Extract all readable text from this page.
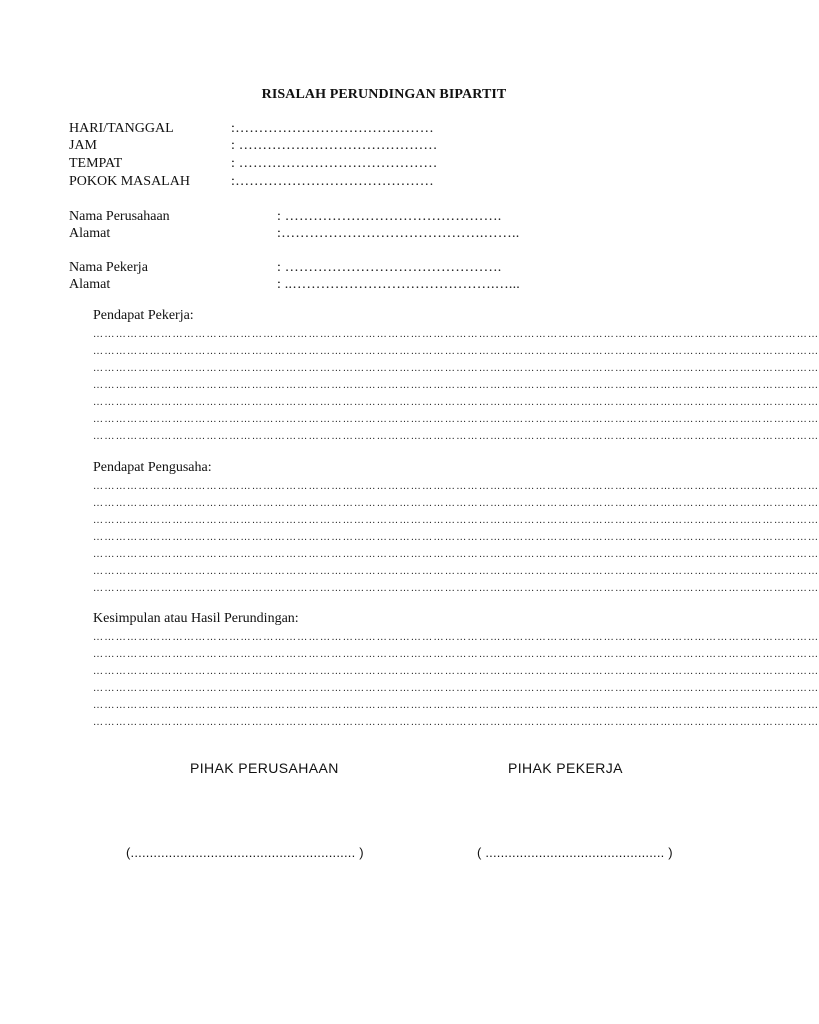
RISALAH PERUNDINGAN BIPARTIT
HARI/TANGGAL	:……………………………………
JAM	: ……………………………………
TEMPAT	: ……………………………………
POKOK MASALAH	:……………………………………
Nama Perusahaan	: ……………………………………….
Alamat	:…………………………………….……..
Nama Pekerja	: ……………………………………….
Alamat	: ..…………………………………….…...
Pendapat Pekerja:
…………………………………………………………………………………………………………………………………………………………………………
…………………………………………………………………………………………………………………………………………………………………………
…………………………………………………………………………………………………………………………………………………………………………
…………………………………………………………………………………………………………………………………………………………………………
…………………………………………………………………………………………………………………………………………………………………………
…………………………………………………………………………………………………………………………………………………………………………
…………………………………………………………………………………………………………………………………………………………………………
Pendapat Pengusaha:
…………………………………………………………………………………………………………………………………………………………………………
…………………………………………………………………………………………………………………………………………………………………………
…………………………………………………………………………………………………………………………………………………………………………
…………………………………………………………………………………………………………………………………………………………………………
…………………………………………………………………………………………………………………………………………………………………………
…………………………………………………………………………………………………………………………………………………………………………
…………………………………………………………………………………………………………………………………………………………………………
Kesimpulan atau Hasil Perundingan:
…………………………………………………………………………………………………………………………………………………………………………
…………………………………………………………………………………………………………………………………………………………………………
…………………………………………………………………………………………………………………………………………………………………………
…………………………………………………………………………………………………………………………………………………………………………
…………………………………………………………………………………………………………………………………………………………………………
…………………………………………………………………………………………………………………………………………………………………………
PIHAK PERUSAHAAN	PIHAK PEKERJA
(........................................................... )	( ............................................... )
